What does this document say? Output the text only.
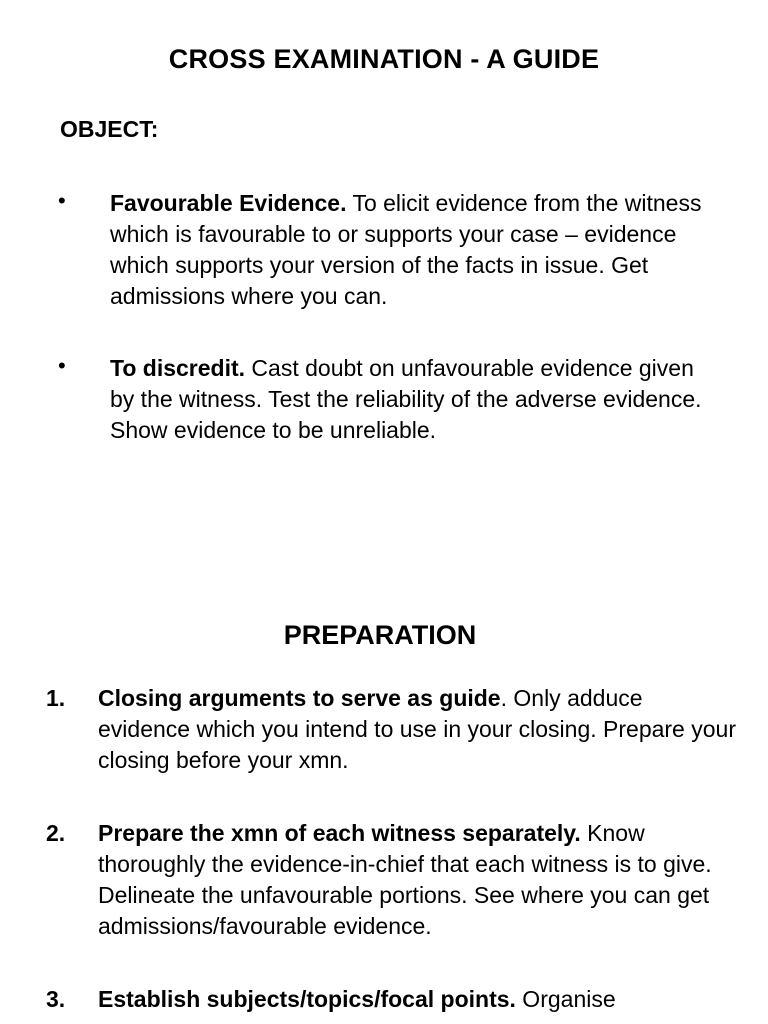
CROSS EXAMINATION - A GUIDE
OBJECT:
• Favourable Evidence. To elicit evidence from the witness which is favourable to or supports your case – evidence which supports your version of the facts in issue. Get admissions where you can.
• To discredit. Cast doubt on unfavourable evidence given by the witness. Test the reliability of the adverse evidence. Show evidence to be unreliable.
PREPARATION
1. Closing arguments to serve as guide. Only adduce evidence which you intend to use in your closing. Prepare your closing before your xmn.
2. Prepare the xmn of each witness separately. Know thoroughly the evidence-in-chief that each witness is to give. Delineate the unfavourable portions. See where you can get admissions/favourable evidence.
3. Establish subjects/topics/focal points. Organise
